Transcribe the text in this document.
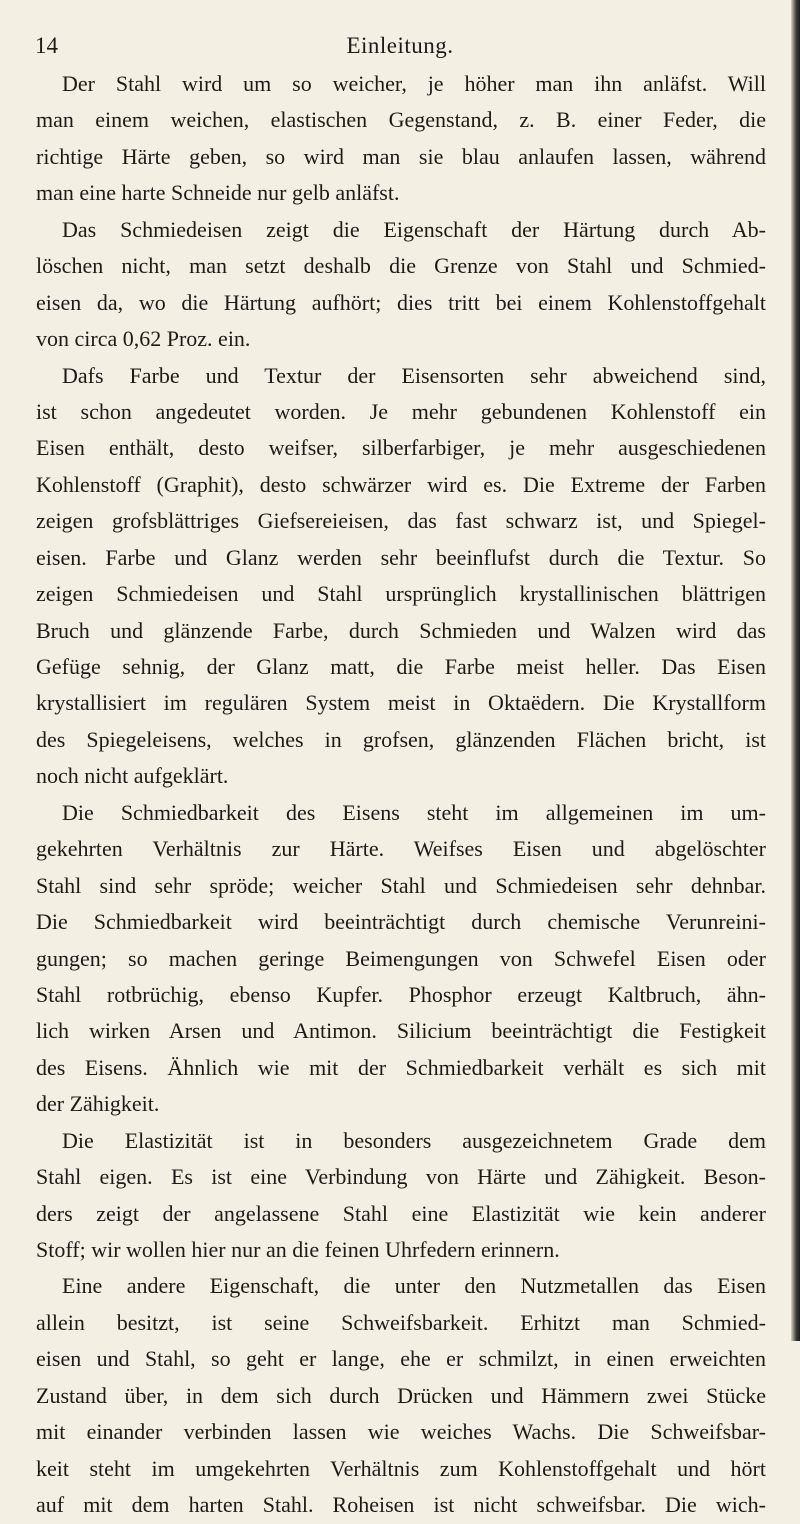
14	Einleitung.
Der Stahl wird um so weicher, je höher man ihn anläfst. Will
man einem weichen, elastischen Gegenstand, z. B. einer Feder, die
richtige Härte geben, so wird man sie blau anlaufen lassen, während
man eine harte Schneide nur gelb anläfst.
Das Schmiedeisen zeigt die Eigenschaft der Härtung durch Ab-
löschen nicht, man setzt deshalb die Grenze von Stahl und Schmied-
eisen da, wo die Härtung aufhört; dies tritt bei einem Kohlenstoffgehalt
von circa 0,62 Proz. ein.
Dafs Farbe und Textur der Eisensorten sehr abweichend sind,
ist schon angedeutet worden. Je mehr gebundenen Kohlenstoff ein
Eisen enthält, desto weifser, silberfarbiger, je mehr ausgeschiedenen
Kohlenstoff (Graphit), desto schwärzer wird es. Die Extreme der Farben
zeigen grofsblättriges Giefsereieisen, das fast schwarz ist, und Spiegel-
eisen. Farbe und Glanz werden sehr beeinflufst durch die Textur. So
zeigen Schmiedeisen und Stahl ursprünglich krystallinischen blättrigen
Bruch und glänzende Farbe, durch Schmieden und Walzen wird das
Gefüge sehnig, der Glanz matt, die Farbe meist heller. Das Eisen
krystallisiert im regulären System meist in Oktaëdern. Die Krystallform
des Spiegeleisens, welches in grofsen, glänzenden Flächen bricht, ist
noch nicht aufgeklärt.
Die Schmiedbarkeit des Eisens steht im allgemeinen im um-
gekehrten Verhältnis zur Härte. Weifses Eisen und abgelöschter
Stahl sind sehr spröde; weicher Stahl und Schmiedeisen sehr dehnbar.
Die Schmiedbarkeit wird beeinträchtigt durch chemische Verunreini-
gungen; so machen geringe Beimengungen von Schwefel Eisen oder
Stahl rotbrüchig, ebenso Kupfer. Phosphor erzeugt Kaltbruch, ähn-
lich wirken Arsen und Antimon. Silicium beeinträchtigt die Festigkeit
des Eisens. Ähnlich wie mit der Schmiedbarkeit verhält es sich mit
der Zähigkeit.
Die Elastizität ist in besonders ausgezeichnetem Grade dem
Stahl eigen. Es ist eine Verbindung von Härte und Zähigkeit. Beson-
ders zeigt der angelassene Stahl eine Elastizität wie kein anderer
Stoff; wir wollen hier nur an die feinen Uhrfedern erinnern.
Eine andere Eigenschaft, die unter den Nutzmetallen das Eisen
allein besitzt, ist seine Schweifsbarkeit. Erhitzt man Schmied-
eisen und Stahl, so geht er lange, ehe er schmilzt, in einen erweichten
Zustand über, in dem sich durch Drücken und Hämmern zwei Stücke
mit einander verbinden lassen wie weiches Wachs. Die Schweifsbar-
keit steht im umgekehrten Verhältnis zum Kohlenstoffgehalt und hört
auf mit dem harten Stahl. Roheisen ist nicht schweifsbar. Die wich-
